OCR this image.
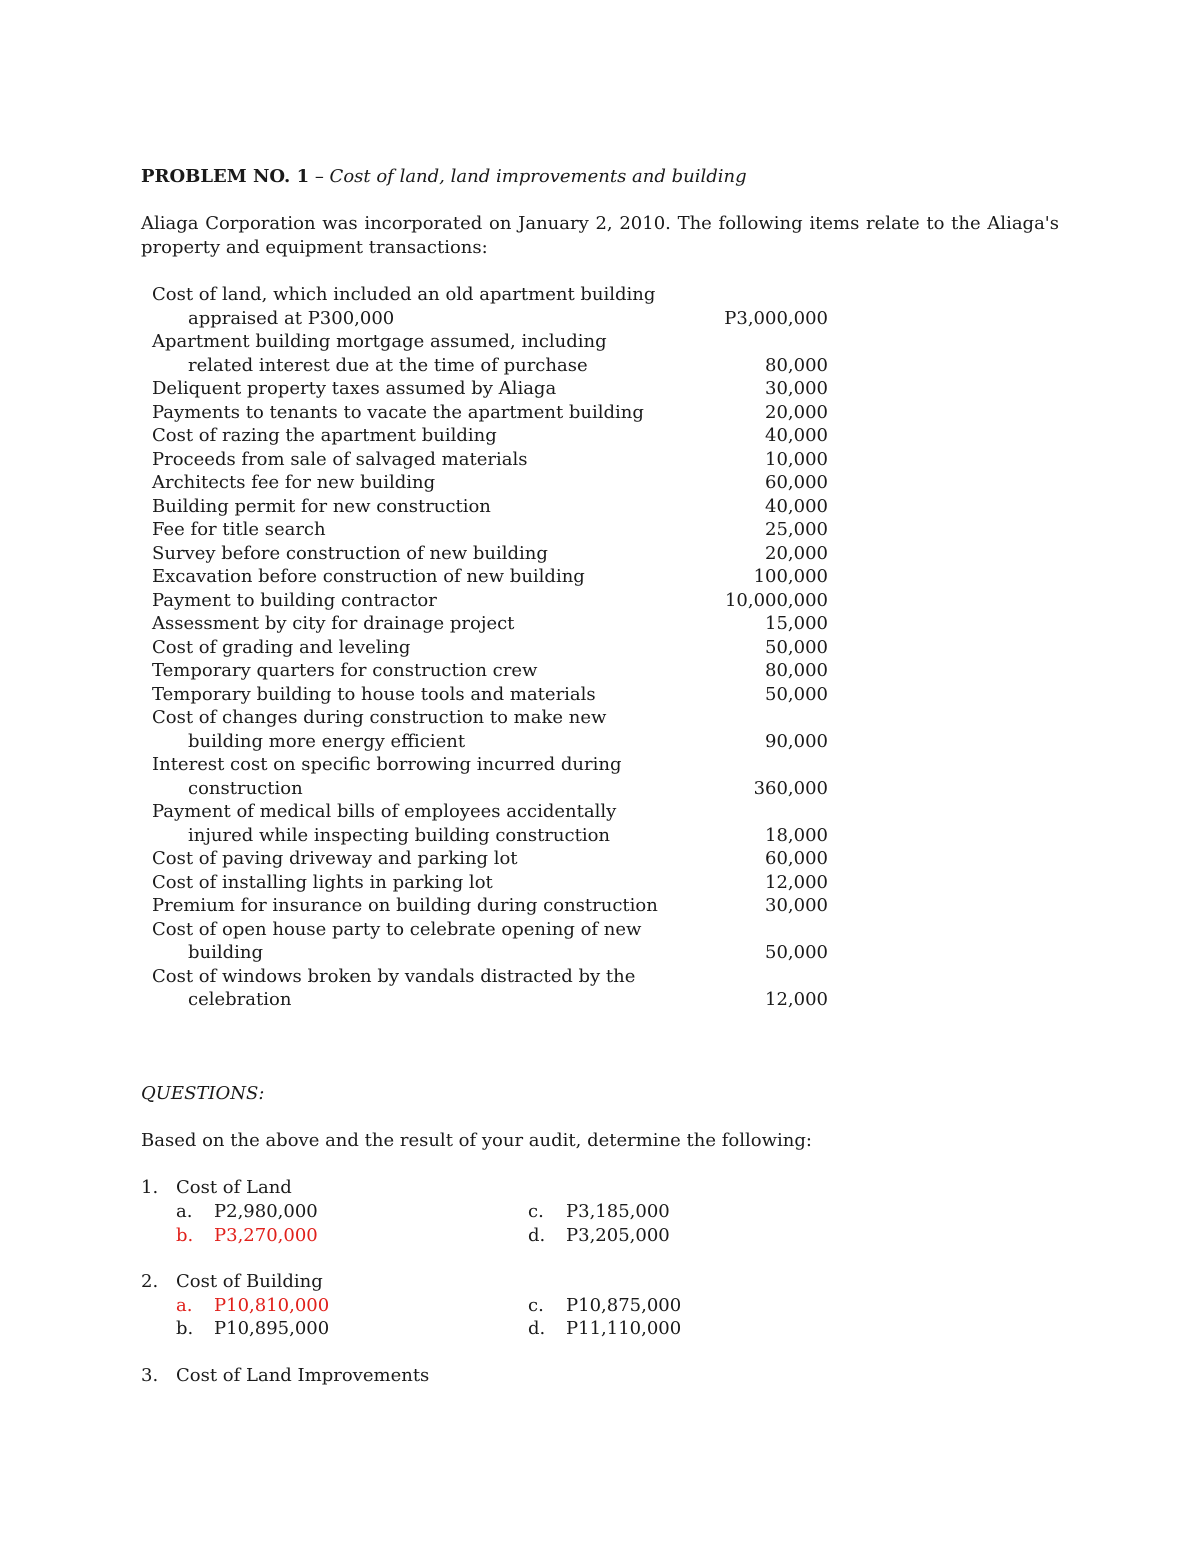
PROBLEM NO. 1 – Cost of land, land improvements and building
Aliaga Corporation was incorporated on January 2, 2010. The following items relate to the Aliaga's property and equipment transactions:
Cost of land, which included an old apartment building
appraised at P300,000	P3,000,000
Apartment building mortgage assumed, including
related interest due at the time of purchase	80,000
Deliquent property taxes assumed by Aliaga	30,000
Payments to tenants to vacate the apartment building	20,000
Cost of razing the apartment building	40,000
Proceeds from sale of salvaged materials	10,000
Architects fee for new building	60,000
Building permit for new construction	40,000
Fee for title search	25,000
Survey before construction of new building	20,000
Excavation before construction of new building	100,000
Payment to building contractor	10,000,000
Assessment by city for drainage project	15,000
Cost of grading and leveling	50,000
Temporary quarters for construction crew	80,000
Temporary building to house tools and materials	50,000
Cost of changes during construction to make new
building more energy efficient	90,000
Interest cost on specific borrowing incurred during
construction	360,000
Payment of medical bills of employees accidentally
injured while inspecting building construction	18,000
Cost of paving driveway and parking lot	60,000
Cost of installing lights in parking lot	12,000
Premium for insurance on building during construction	30,000
Cost of open house party to celebrate opening of new
building	50,000
Cost of windows broken by vandals distracted by the
celebration	12,000
QUESTIONS:
Based on the above and the result of your audit, determine the following:
1. Cost of Land
a. P2,980,000
b. P3,270,000
c. P3,185,000
d. P3,205,000
2. Cost of Building
a. P10,810,000
b. P10,895,000
c. P10,875,000
d. P11,110,000
3. Cost of Land Improvements
